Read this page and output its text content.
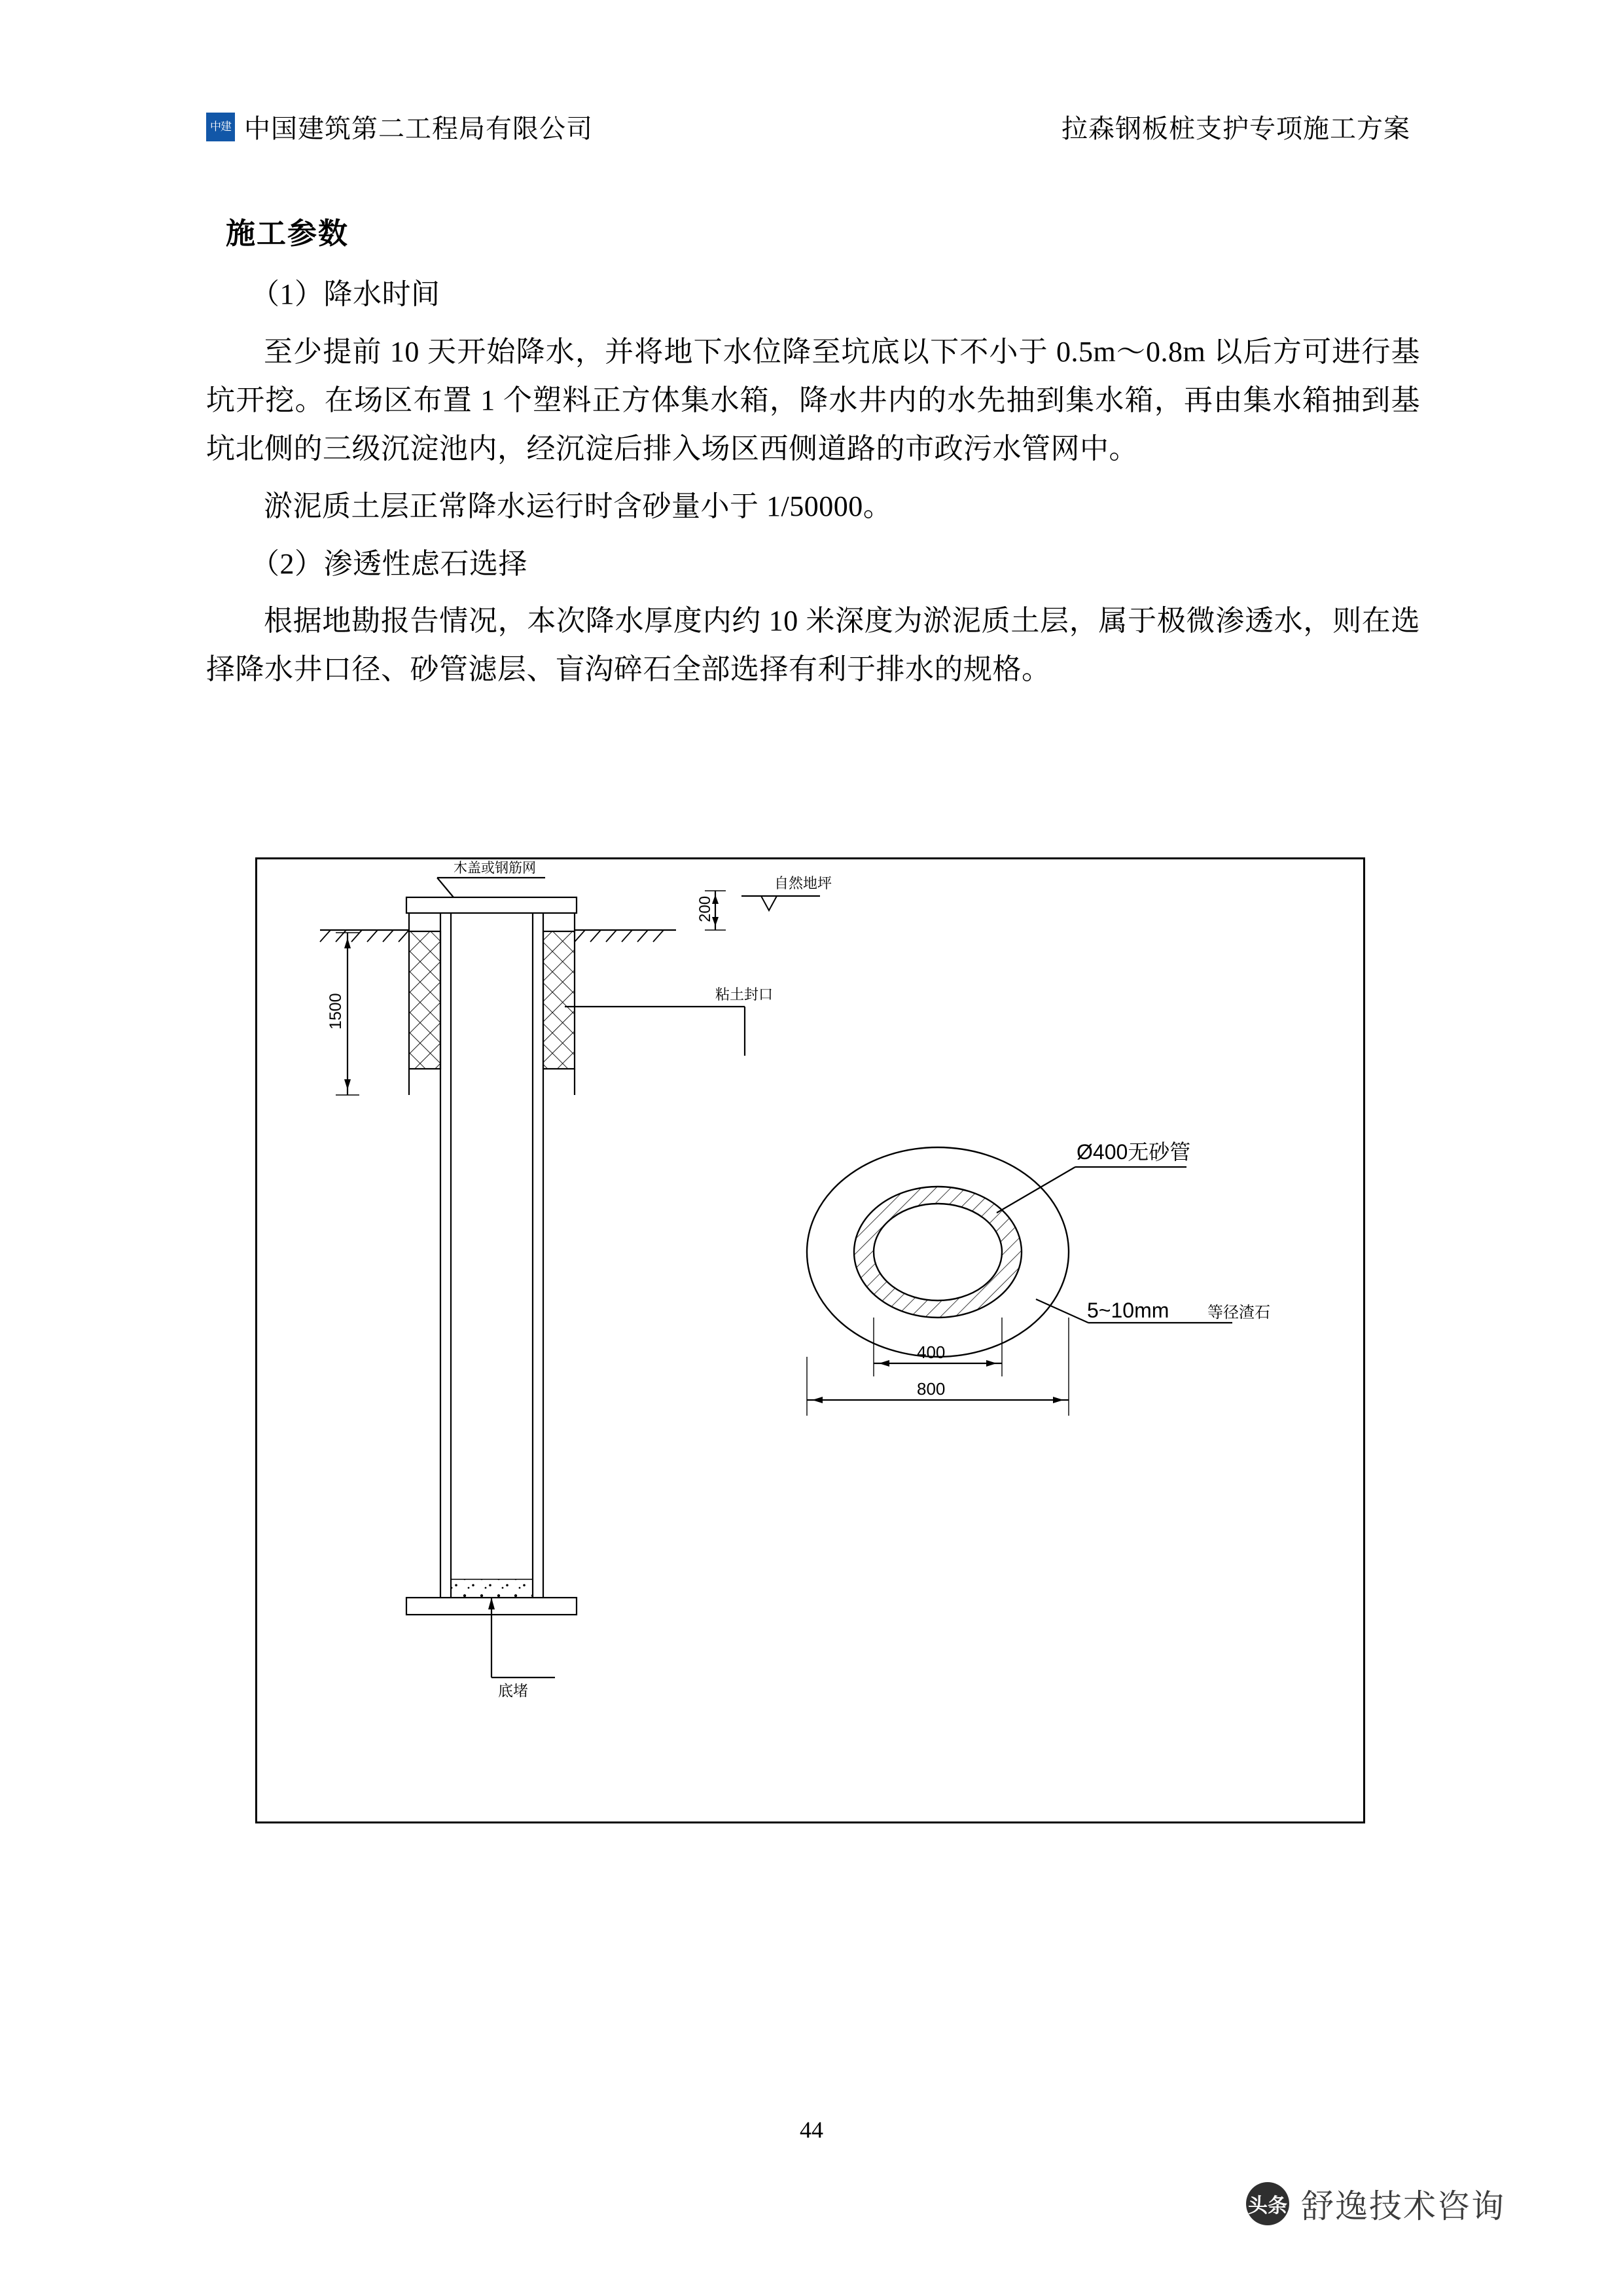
中建 中国建筑第二工程局有限公司	拉森钢板桩支护专项施工方案
施工参数

（1）降水时间

至少提前 10 天开始降水，并将地下水位降至坑底以下不小于 0.5m～0.8m 以后方可进行基坑开挖。在场区布置 1 个塑料正方体集水箱，降水井内的水先抽到集水箱，再由集水箱抽到基坑北侧的三级沉淀池内，经沉淀后排入场区西侧道路的市政污水管网中。

淤泥质土层正常降水运行时含砂量小于 1/50000。

（2）渗透性虑石选择

根据地勘报告情况，本次降水厚度内约 10 米深度为淤泥质土层，属于极微渗透水，则在选择降水井口径、砂管滤层、盲沟碎石全部选择有利于排水的规格。

木盖或钢筋网
1500
200
自然地坪
粘土封口
底堵
Ø400无砂管
5~10mm 等径渣石
400
800
44
头条 舒逸技术咨询
